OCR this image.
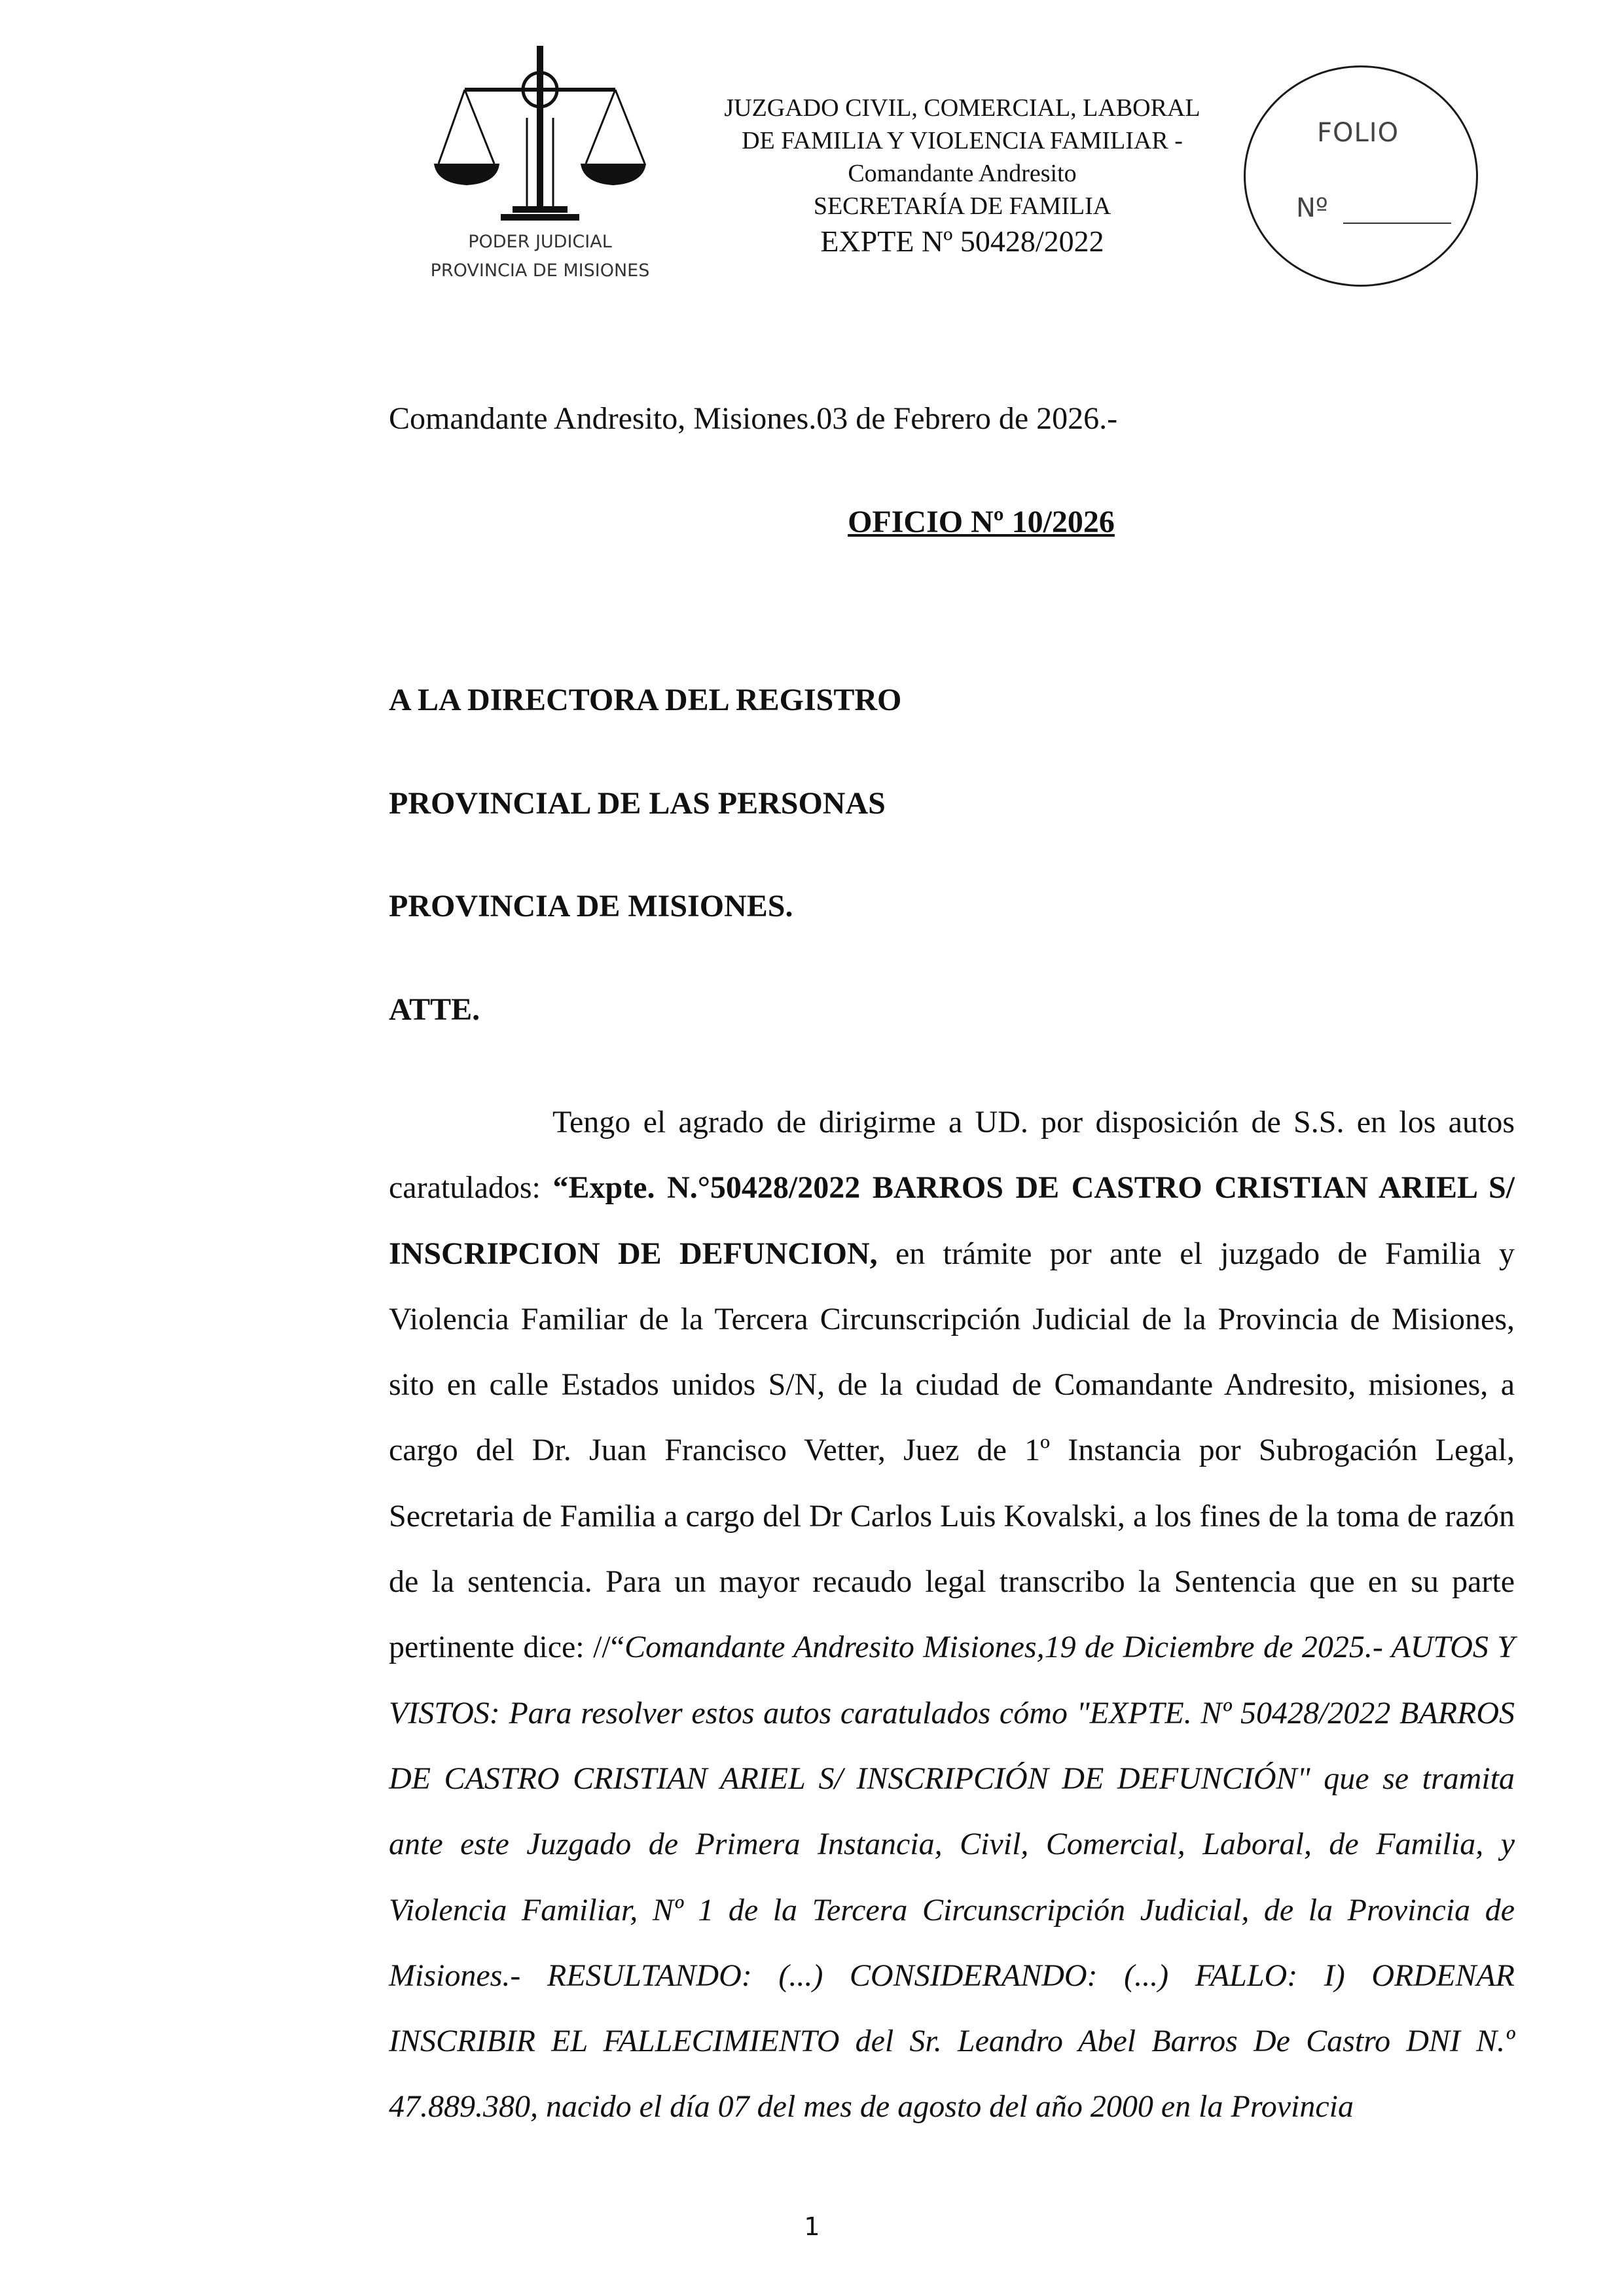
PODER JUDICIAL
PROVINCIA DE MISIONES
JUZGADO CIVIL, COMERCIAL, LABORAL
DE FAMILIA Y VIOLENCIA FAMILIAR -
Comandante Andresito
SECRETARÍA DE FAMILIA
EXPTE Nº 50428/2022
FOLIO
Nº
Comandante Andresito, Misiones.03 de Febrero de 2026.-
OFICIO Nº 10/2026
A LA DIRECTORA DEL REGISTRO
PROVINCIAL DE LAS PERSONAS
PROVINCIA DE MISIONES.
ATTE.
Tengo el agrado de dirigirme a UD. por disposición de S.S. en los autos caratulados: “Expte. N.°50428/2022 BARROS DE CASTRO CRISTIAN ARIEL S/ INSCRIPCION DE DEFUNCION, en trámite por ante el juzgado de Familia y Violencia Familiar de la Tercera Circunscripción Judicial de la Provincia de Misiones, sito en calle Estados unidos S/N, de la ciudad de Comandante Andresito, misiones, a cargo del Dr. Juan Francisco Vetter, Juez de 1º Instancia por Subrogación Legal, Secretaria de Familia a cargo del Dr Carlos Luis Kovalski, a los fines de la toma de razón de la sentencia. Para un mayor recaudo legal transcribo la Sentencia que en su parte pertinente dice: //“Comandante Andresito Misiones,19 de Diciembre de 2025.- AUTOS Y VISTOS: Para resolver estos autos caratulados cómo "EXPTE. Nº 50428/2022 BARROS DE CASTRO CRISTIAN ARIEL S/ INSCRIPCIÓN DE DEFUNCIÓN" que se tramita ante este Juzgado de Primera Instancia, Civil, Comercial, Laboral, de Familia, y Violencia Familiar, Nº 1 de la Tercera Circunscripción Judicial, de la Provincia de Misiones.- RESULTANDO: (...) CONSIDERANDO: (...) FALLO: I) ORDENAR INSCRIBIR EL FALLECIMIENTO del Sr. Leandro Abel Barros De Castro DNI N.º 47.889.380, nacido el día 07 del mes de agosto del año 2000 en la Provincia
1
